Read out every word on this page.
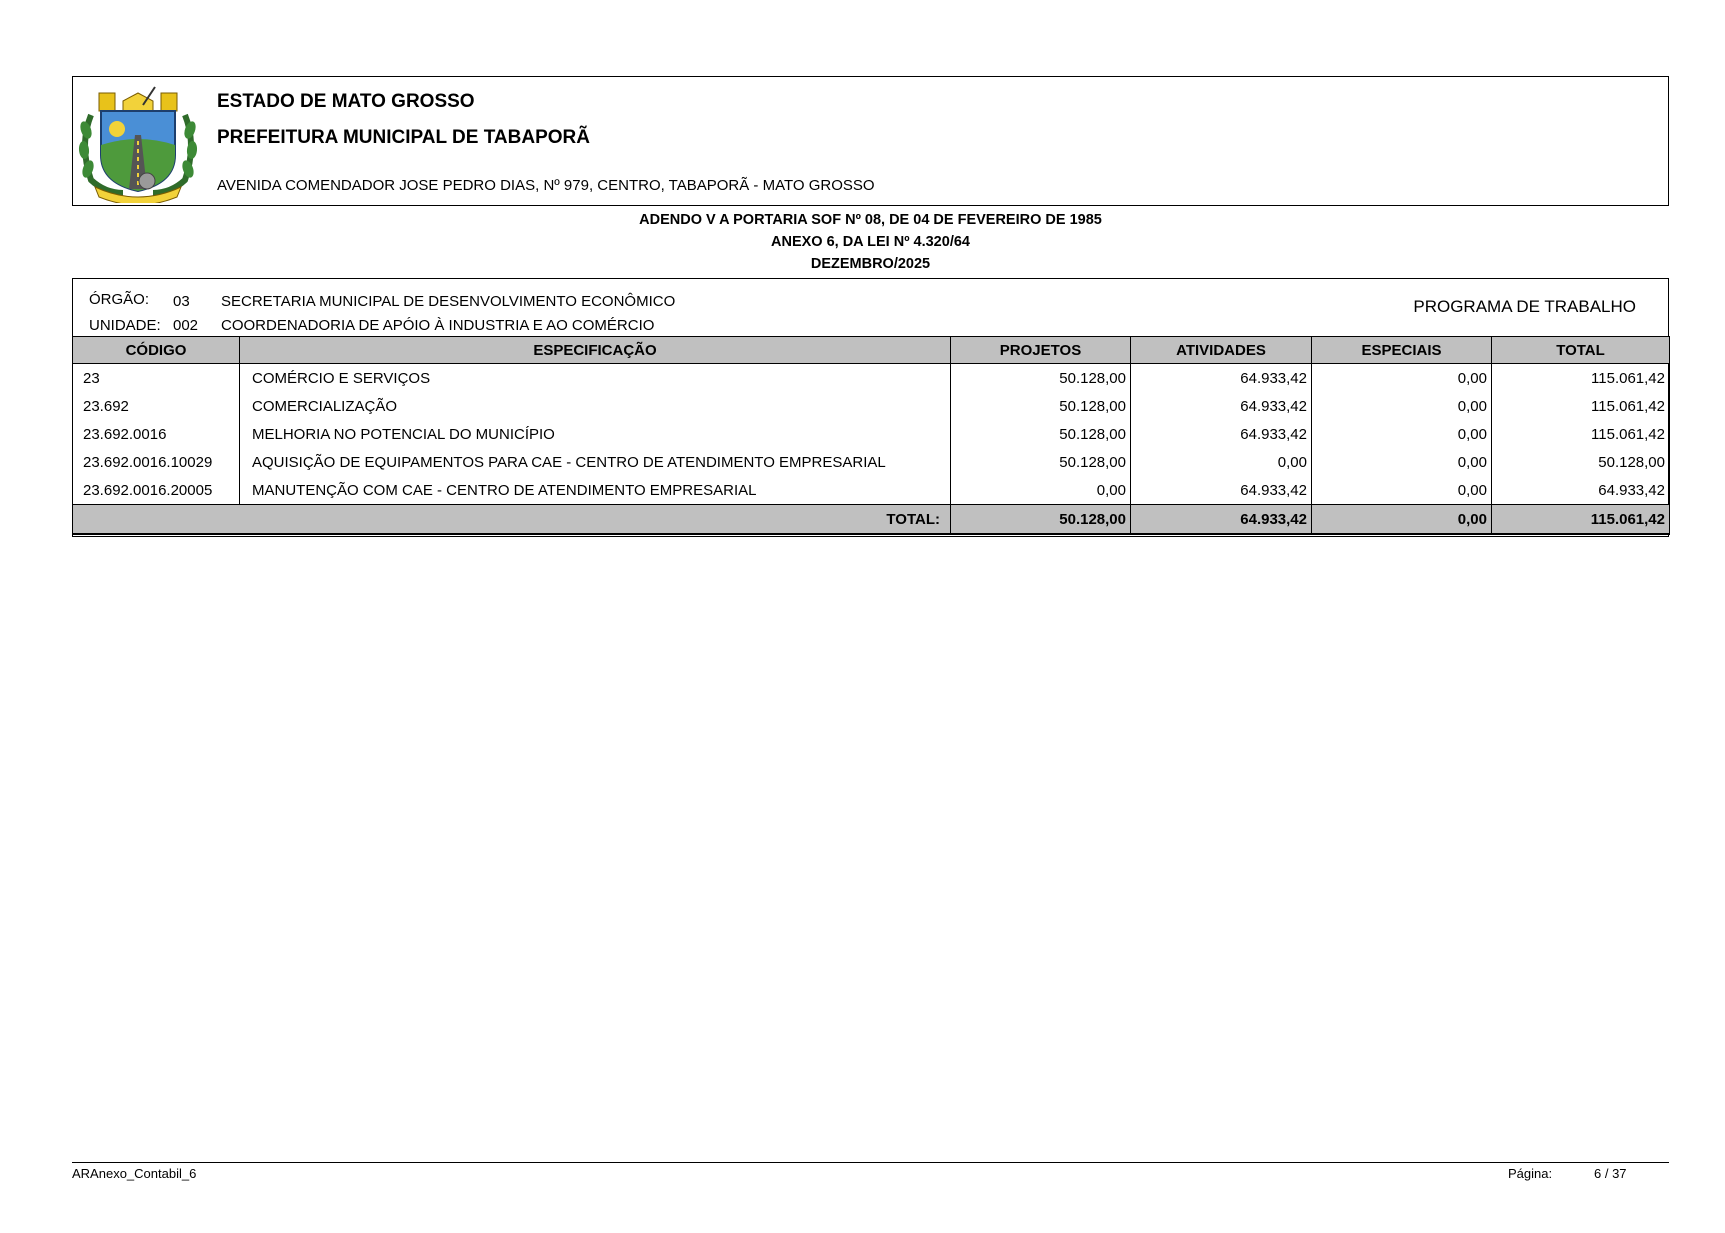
ESTADO DE MATO GROSSO
PREFEITURA MUNICIPAL DE TABAPORÃ
AVENIDA COMENDADOR JOSE PEDRO DIAS, Nº 979, CENTRO, TABAPORÃ - MATO GROSSO
ADENDO V A PORTARIA SOF Nº 08, DE 04 DE FEVEREIRO DE 1985
ANEXO 6, DA LEI Nº 4.320/64
DEZEMBRO/2025
ÓRGÃO: 03 SECRETARIA MUNICIPAL DE DESENVOLVIMENTO ECONÔMICO
UNIDADE: 002 COORDENADORIA DE APÓIO À INDUSTRIA E AO COMÉRCIO
PROGRAMA DE TRABALHO
CÓDIGO	ESPECIFICAÇÃO	PROJETOS	ATIVIDADES	ESPECIAIS	TOTAL
23	COMÉRCIO E SERVIÇOS	50.128,00	64.933,42	0,00	115.061,42
23.692	COMERCIALIZAÇÃO	50.128,00	64.933,42	0,00	115.061,42
23.692.0016	MELHORIA NO POTENCIAL DO MUNICÍPIO	50.128,00	64.933,42	0,00	115.061,42
23.692.0016.10029	AQUISIÇÃO DE EQUIPAMENTOS PARA CAE - CENTRO DE ATENDIMENTO EMPRESARIAL	50.128,00	0,00	0,00	50.128,00
23.692.0016.20005	MANUTENÇÃO COM CAE - CENTRO DE ATENDIMENTO EMPRESARIAL	0,00	64.933,42	0,00	64.933,42
TOTAL:		50.128,00	64.933,42	0,00	115.061,42
ARAnexo_Contabil_6	Página:	6 / 37
